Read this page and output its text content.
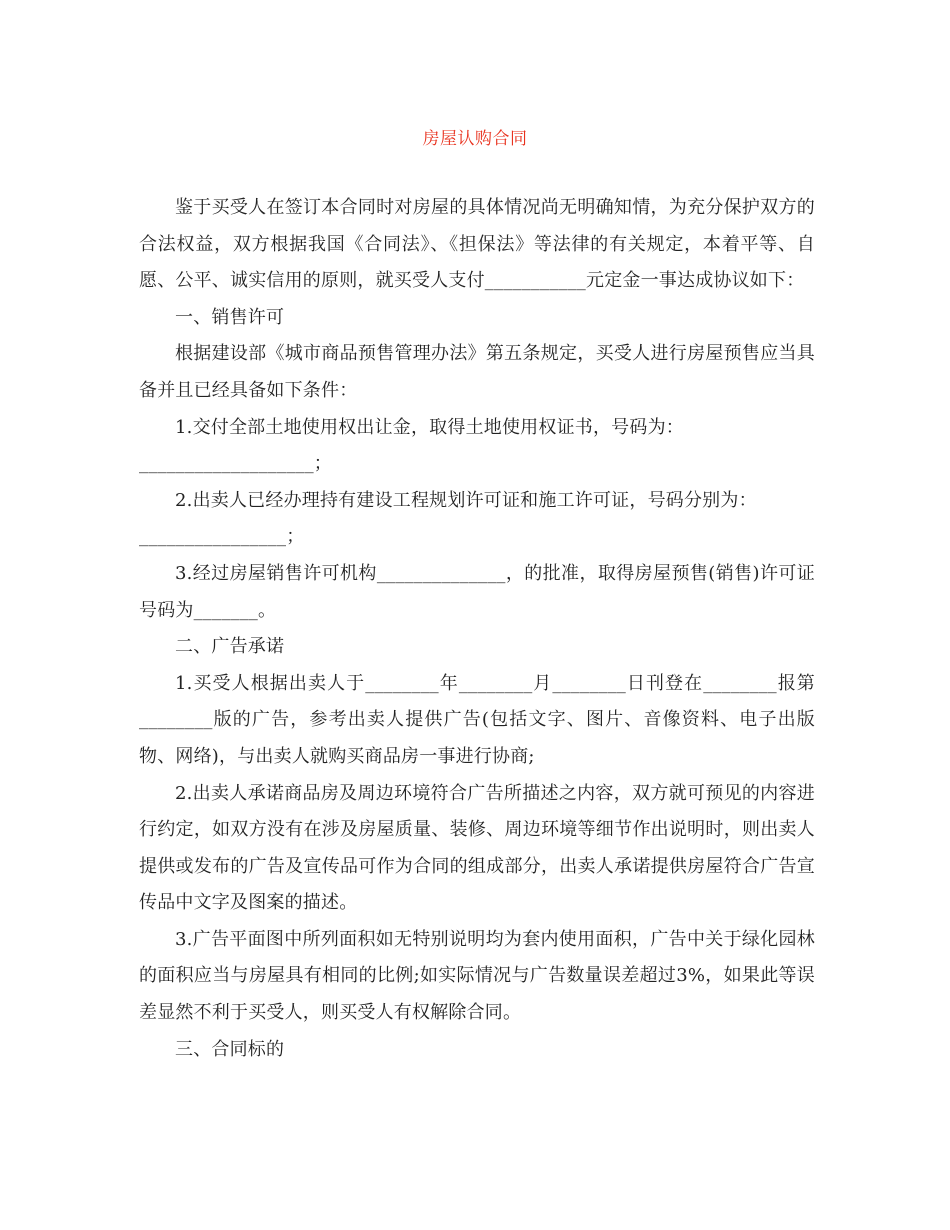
房屋认购合同

鉴于买受人在签订本合同时对房屋的具体情况尚无明确知情，为充分保护双方的合法权益，双方根据我国《合同法》、《担保法》等法律的有关规定，本着平等、自愿、公平、诚实信用的原则，就买受人支付___________元定金一事达成协议如下：

一、销售许可

根据建设部《城市商品预售管理办法》第五条规定，买受人进行房屋预售应当具备并且已经具备如下条件：

1.交付全部土地使用权出让金，取得土地使用权证书，号码为：

___________________；

2.出卖人已经办理持有建设工程规划许可证和施工许可证，号码分别为：

________________；

3.经过房屋销售许可机构______________，的批准，取得房屋预售(销售)许可证号码为_______。

二、广告承诺

1.买受人根据出卖人于________年________月________日刊登在________报第________版的广告，参考出卖人提供广告(包括文字、图片、音像资料、电子出版物、网络)，与出卖人就购买商品房一事进行协商;

2.出卖人承诺商品房及周边环境符合广告所描述之内容，双方就可预见的内容进行约定，如双方没有在涉及房屋质量、装修、周边环境等细节作出说明时，则出卖人提供或发布的广告及宣传品可作为合同的组成部分，出卖人承诺提供房屋符合广告宣传品中文字及图案的描述。

3.广告平面图中所列面积如无特别说明均为套内使用面积，广告中关于绿化园林的面积应当与房屋具有相同的比例;如实际情况与广告数量误差超过3%，如果此等误差显然不利于买受人，则买受人有权解除合同。

三、合同标的
